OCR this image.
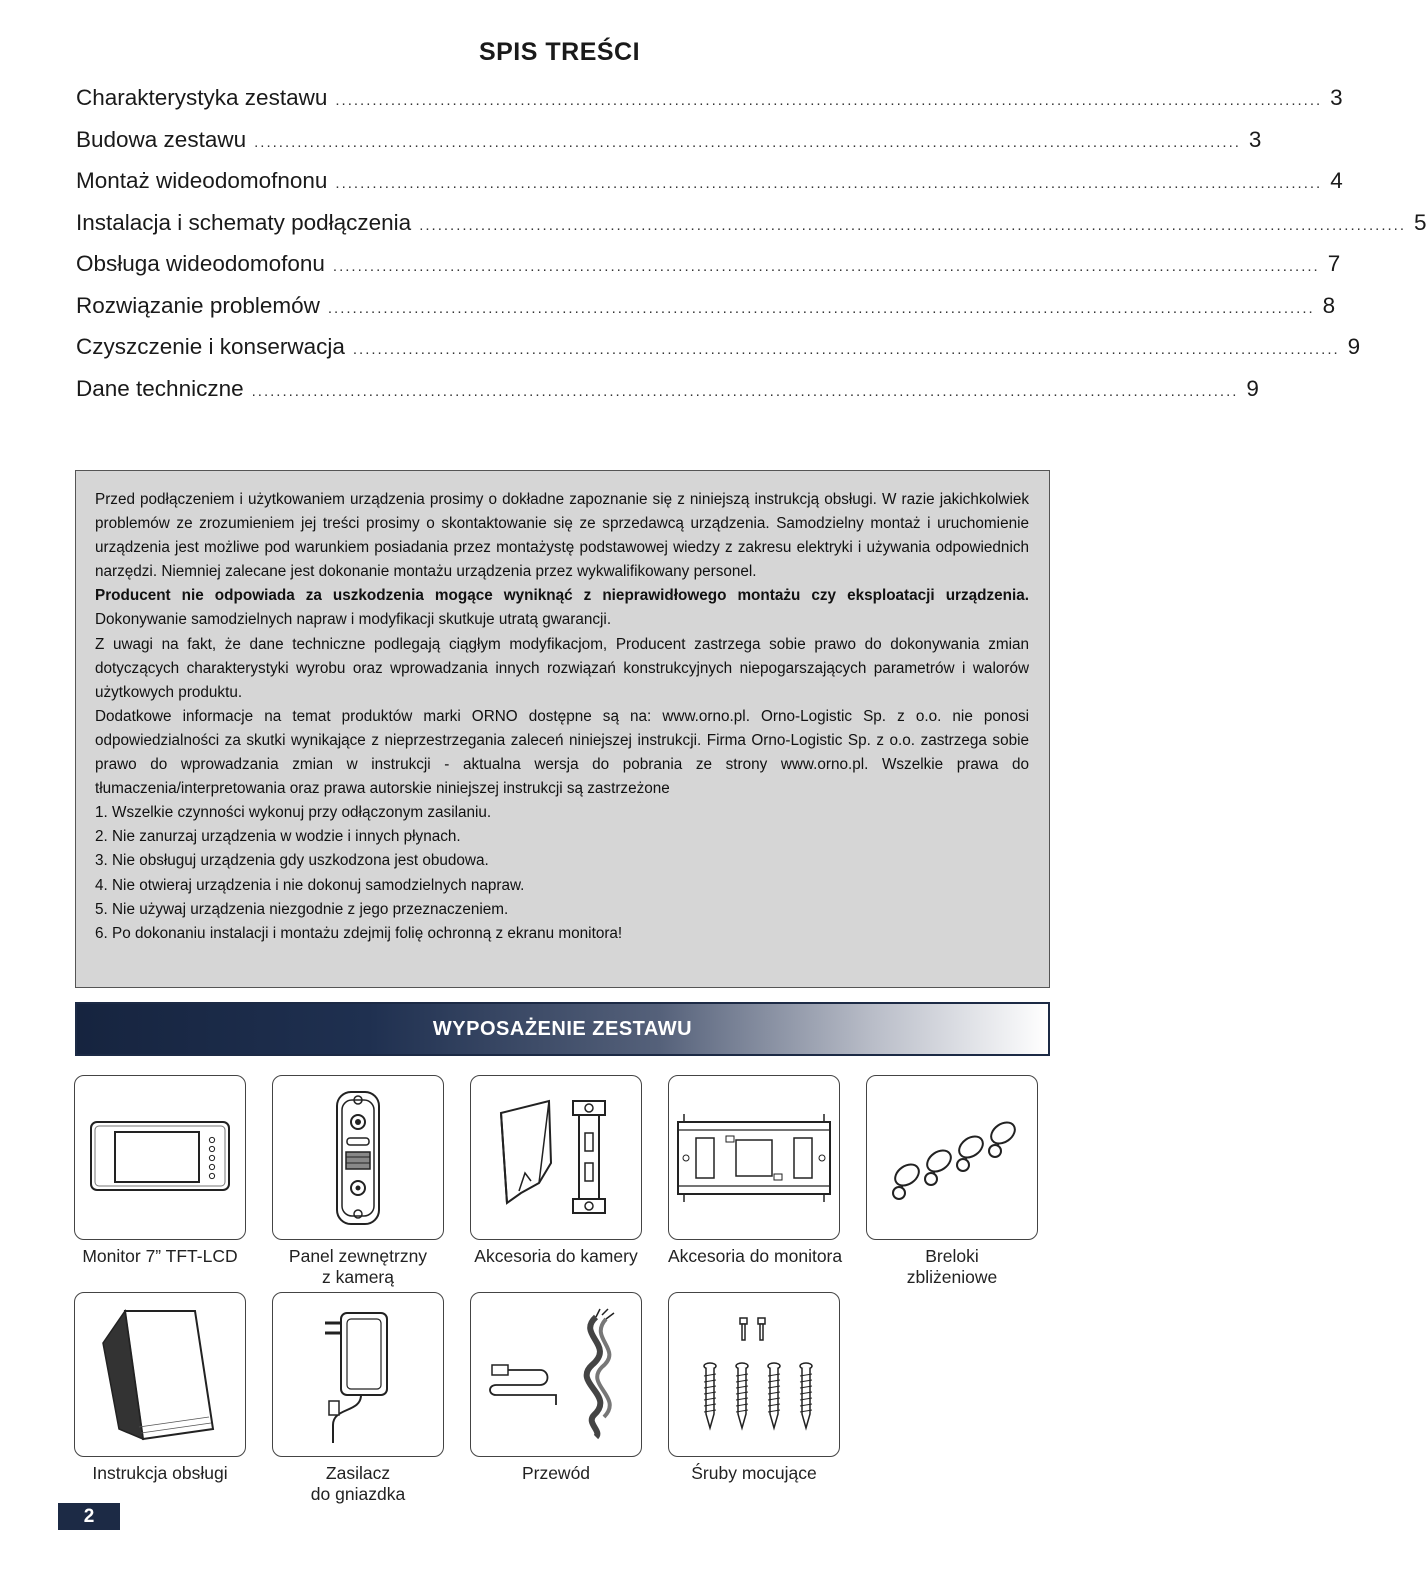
SPIS TREŚCI
Charakterystyka zestawu ................................................................................................................................................................ 3
Budowa zestawu ................................................................................................................................................................ 3
Montaż wideodomofnonu ................................................................................................................................................................ 4
Instalacja i schematy podłączenia ................................................................................................................................................................ 5
Obsługa wideodomofonu ................................................................................................................................................................ 7
Rozwiązanie problemów ................................................................................................................................................................ 8
Czyszczenie i konserwacja ................................................................................................................................................................ 9
Dane techniczne ................................................................................................................................................................ 9

Przed podłączeniem i użytkowaniem urządzenia prosimy o dokładne zapoznanie się z niniejszą instrukcją obsługi. W razie jakichkolwiek problemów ze zrozumieniem jej treści prosimy o skontaktowanie się ze sprzedawcą urządzenia. Samodzielny montaż i uruchomienie urządzenia jest możliwe pod warunkiem posiadania przez montażystę podstawowej wiedzy z zakresu elektryki i używania odpowiednich narzędzi. Niemniej zalecane jest dokonanie montażu urządzenia przez wykwalifikowany personel.

Producent nie odpowiada za uszkodzenia mogące wyniknąć z nieprawidłowego montażu czy eksploatacji urządzenia. Dokonywanie samodzielnych napraw i modyfikacji skutkuje utratą gwarancji.

Z uwagi na fakt, że dane techniczne podlegają ciągłym modyfikacjom, Producent zastrzega sobie prawo do dokonywania zmian dotyczących charakterystyki wyrobu oraz wprowadzania innych rozwiązań konstrukcyjnych niepogarszających parametrów i walorów użytkowych produktu.

Dodatkowe informacje na temat produktów marki ORNO dostępne są na: www.orno.pl. Orno-Logistic Sp. z o.o. nie ponosi odpowiedzialności za skutki wynikające z nieprzestrzegania zaleceń niniejszej instrukcji. Firma Orno-Logistic Sp. z o.o. zastrzega sobie prawo do wprowadzania zmian w instrukcji - aktualna wersja do pobrania ze strony www.orno.pl. Wszelkie prawa do tłumaczenia/interpretowania oraz prawa autorskie niniejszej instrukcji są zastrzeżone

1. Wszelkie czynności wykonuj przy odłączonym zasilaniu.
2. Nie zanurzaj urządzenia w wodzie i innych płynach.
3. Nie obsługuj urządzenia gdy uszkodzona jest obudowa.
4. Nie otwieraj urządzenia i nie dokonuj samodzielnych napraw.
5. Nie używaj urządzenia niezgodnie z jego przeznaczeniem.
6. Po dokonaniu instalacji i montażu zdejmij folię ochronną z ekranu monitora!
WYPOSAŻENIE ZESTAWU
Monitor 7” TFT-LCD	Panel zewnętrzny
z kamerą
Akcesoria do kamery Akcesoria do monitora	Breloki
zbliżeniowe
Instrukcja obsługi	Zasilacz
do gniazdka
Przewód	Śruby mocujące
2
